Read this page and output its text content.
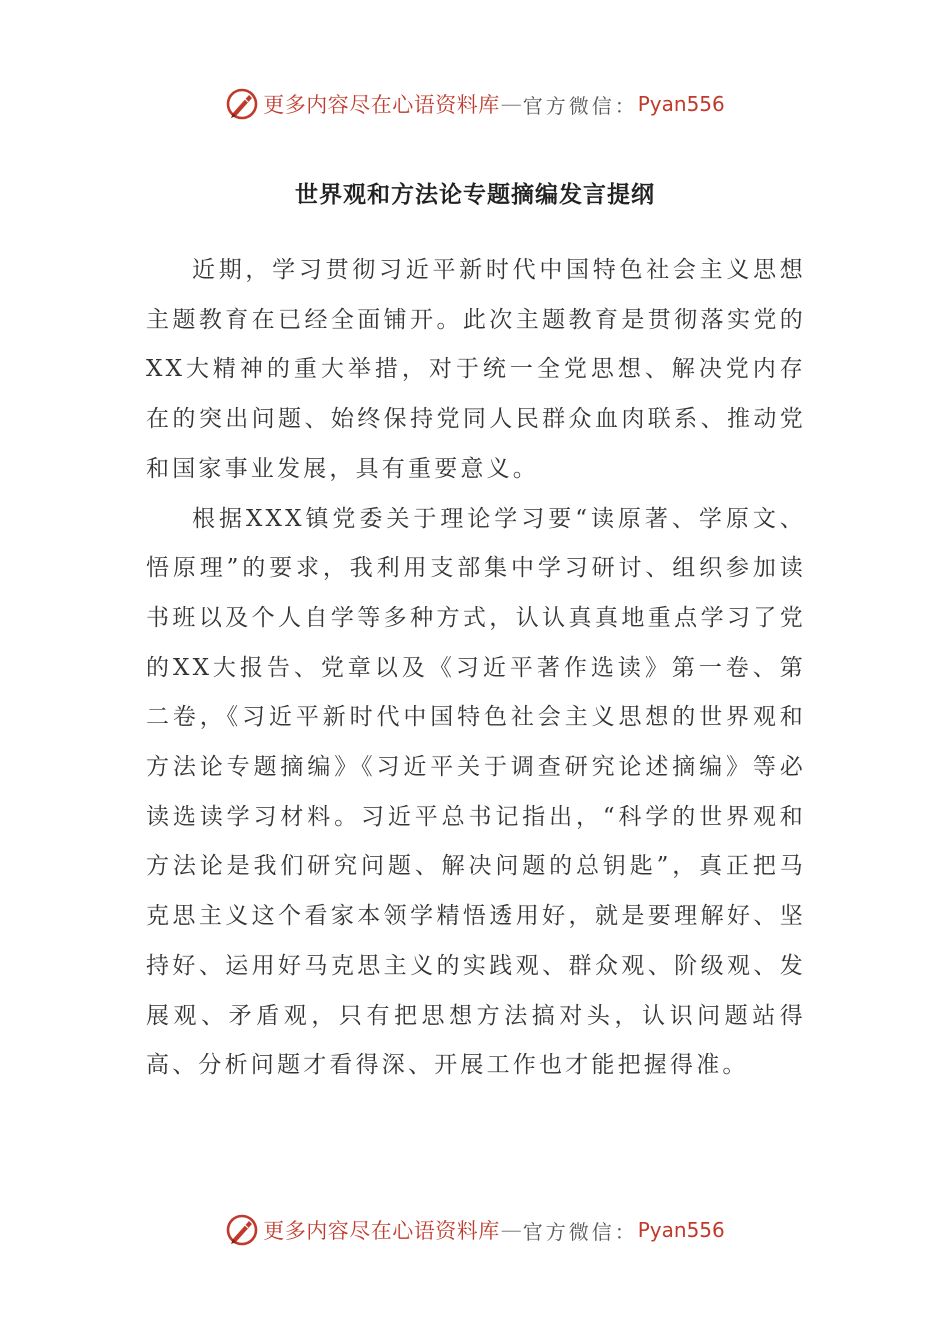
更多内容尽在心语资料库 — 官方微信： Pyan556
世界观和方法论专题摘编发言提纲

近期，学习贯彻习近平新时代中国特色社会主义思想主题教育在已经全面铺开。此次主题教育是贯彻落实党的XX大精神的重大举措，对于统一全党思想、解决党内存在的突出问题、始终保持党同人民群众血肉联系、推动党和国家事业发展，具有重要意义。

根据XXX镇党委关于理论学习要“读原著、学原文、悟原理”的要求，我利用支部集中学习研讨、组织参加读书班以及个人自学等多种方式，认认真真地重点学习了党的XX大报告、党章以及《习近平著作选读》第一卷、第二卷，《习近平新时代中国特色社会主义思想的世界观和方法论专题摘编》《习近平关于调查研究论述摘编》等必读选读学习材料。习近平总书记指出，“科学的世界观和方法论是我们研究问题、解决问题的总钥匙”，真正把马克思主义这个看家本领学精悟透用好，就是要理解好、坚持好、运用好马克思主义的实践观、群众观、阶级观、发展观、矛盾观，只有把思想方法搞对头，认识问题站得高、分析问题才看得深、开展工作也才能把握得准。

更多内容尽在心语资料库 — 官方微信： Pyan556
